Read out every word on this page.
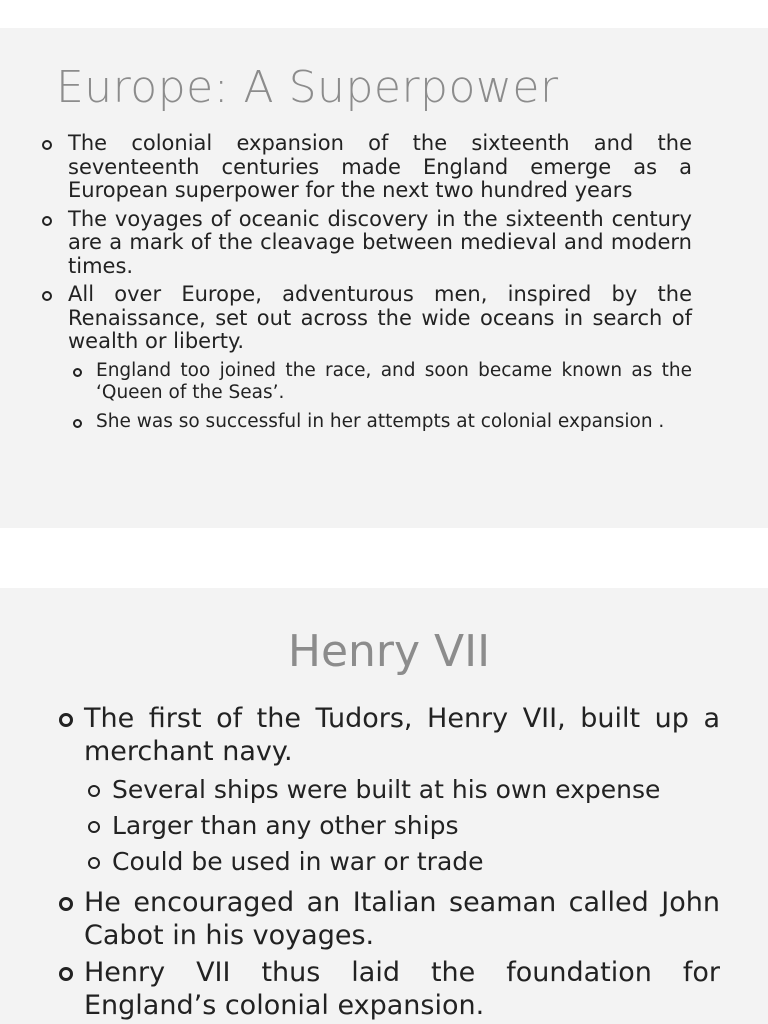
Europe: A Superpower
The colonial expansion of the sixteenth and the seventeenth centuries made England emerge as a European superpower for the next two hundred years
The voyages of oceanic discovery in the sixteenth century are a mark of the cleavage between medieval and modern times.
All over Europe, adventurous men, inspired by the Renaissance, set out across the wide oceans in search of wealth or liberty.
England too joined the race, and soon became known as the ‘Queen of the Seas’.
She was so successful in her attempts at colonial expansion .
Henry VII
The first of the Tudors, Henry VII, built up a merchant navy.
Several ships were built at his own expense
Larger than any other ships
Could be used in war or trade
He encouraged an Italian seaman called John Cabot in his voyages.
Henry VII thus laid the foundation for England’s colonial expansion.
